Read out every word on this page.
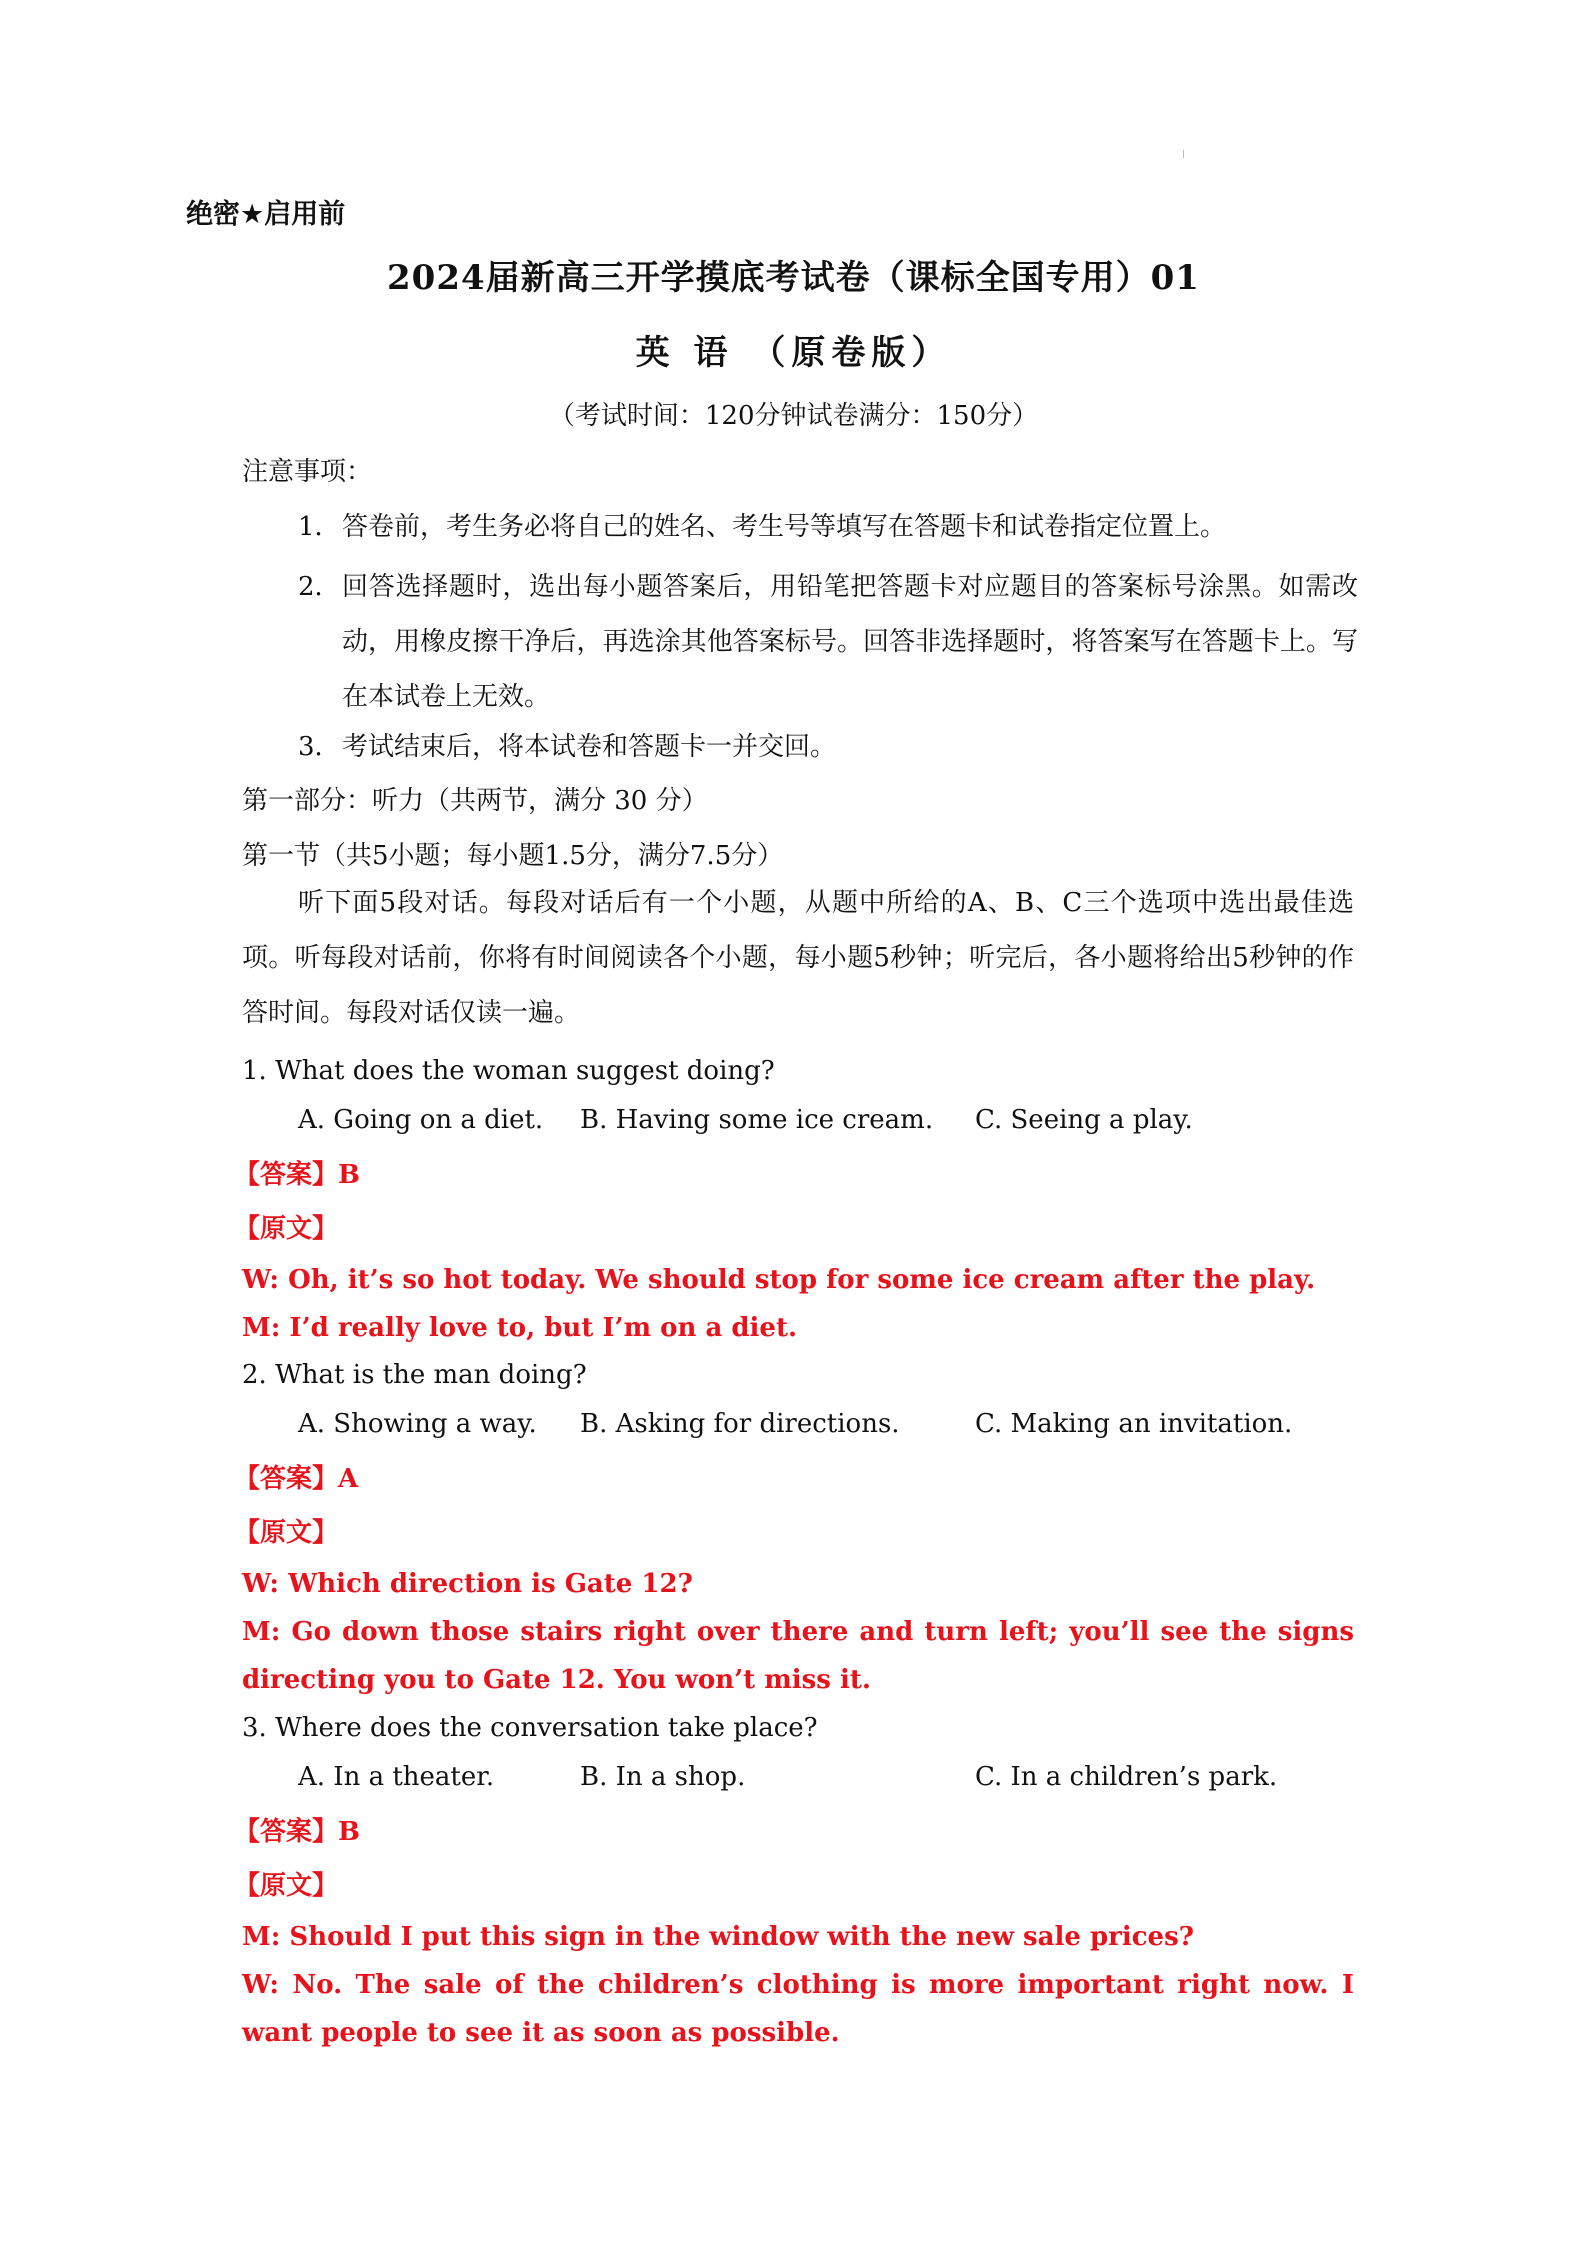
绝密★启用前
2024届新高三开学摸底考试卷（课标全国专用）01
英 语 （原卷版）
（考试时间：120分钟试卷满分：150分）
注意事项：
1．答卷前，考生务必将自己的姓名、考生号等填写在答题卡和试卷指定位置上。
2． 回答选择题时，选出每小题答案后，用铅笔把答题卡对应题目的答案标号涂黑。如需改动，用橡皮擦干净后，再选涂其他答案标号。回答非选择题时，将答案写在答题卡上。写在本试卷上无效。
3．考试结束后，将本试卷和答题卡一并交回。
第一部分：听力（共两节，满分 30 分）
第一节（共5小题；每小题1.5分，满分7.5分）
听下面5段对话。每段对话后有一个小题，从题中所给的A、B、C三个选项中选出最佳选项。听每段对话前，你将有时间阅读各个小题，每小题5秒钟；听完后，各小题将给出5秒钟的作答时间。每段对话仅读一遍。
1. What does the woman suggest doing?
A. Going on a diet. B. Having some ice cream. C. Seeing a play.
【答案】B
【原文】
W: Oh, it’s so hot today. We should stop for some ice cream after the play.
M: I’d really love to, but I’m on a diet.
2. What is the man doing?
A. Showing a way. B. Asking for directions.	C. Making an invitation.
【答案】A
【原文】
W: Which direction is Gate 12?
M: Go down those stairs right over there and turn left; you’ll see the signs directing you to Gate 12. You won’t miss it.
3. Where does the conversation take place?
A. In a theater.	B. In a shop.	C. In a children’s park.
【答案】B
【原文】
M: Should I put this sign in the window with the new sale prices?
W: No. The sale of the children’s clothing is more important right now. I want people to see it as soon as possible.
